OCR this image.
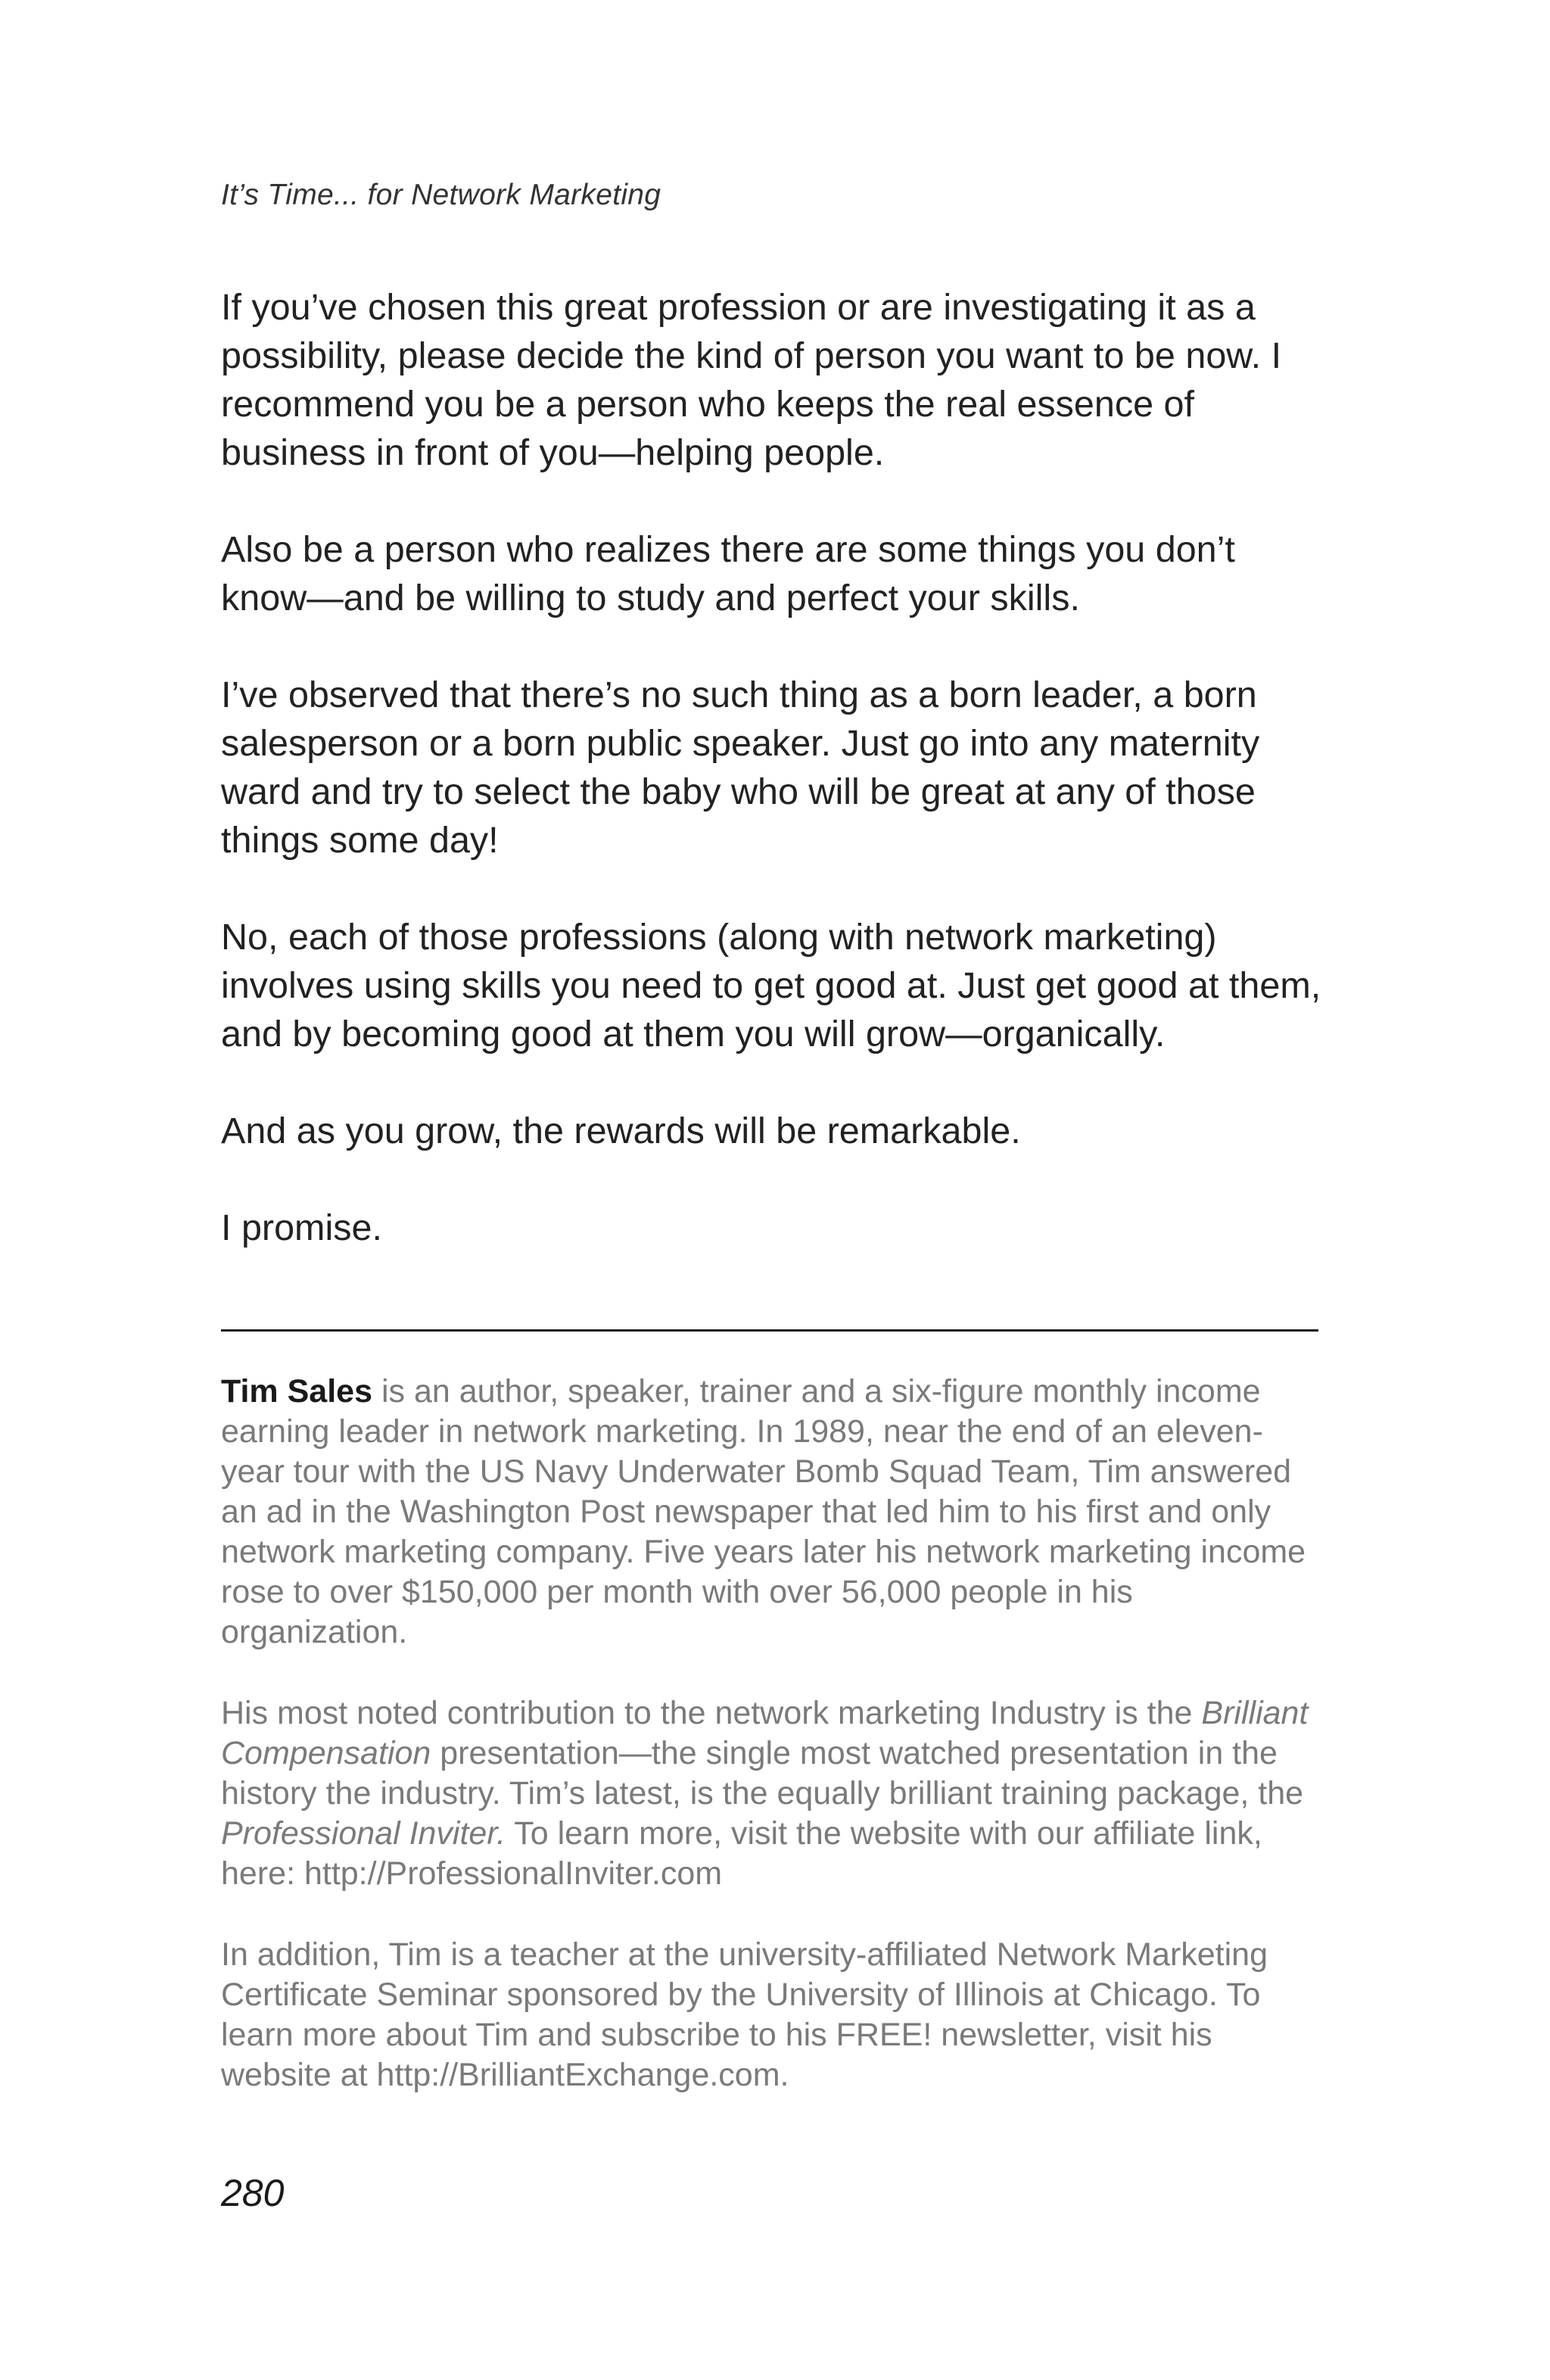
It’s Time... for Network Marketing

If you’ve chosen this great profession or are investigating it as a possibility, please decide the kind of person you want to be now. I recommend you be a person who keeps the real essence of business in front of you—helping people.

Also be a person who realizes there are some things you don’t know—and be willing to study and perfect your skills.

I’ve observed that there’s no such thing as a born leader, a born salesperson or a born public speaker. Just go into any maternity ward and try to select the baby who will be great at any of those things some day!

No, each of those professions (along with network marketing) involves using skills you need to get good at. Just get good at them, and by becoming good at them you will grow—organically.

And as you grow, the rewards will be remarkable.

I promise.

Tim Sales is an author, speaker, trainer and a six-figure monthly income earning leader in network marketing. In 1989, near the end of an eleven-year tour with the US Navy Underwater Bomb Squad Team, Tim answered an ad in the Washington Post newspaper that led him to his first and only network marketing company. Five years later his network marketing income rose to over $150,000 per month with over 56,000 people in his organization.

His most noted contribution to the network marketing Industry is the Brilliant Compensation presentation—the single most watched presentation in the history the industry. Tim’s latest, is the equally brilliant training package, the Professional Inviter. To learn more, visit the website with our affiliate link, here: http://ProfessionalInviter.com

In addition, Tim is a teacher at the university-affiliated Network Marketing Certificate Seminar sponsored by the University of Illinois at Chicago. To learn more about Tim and subscribe to his FREE! newsletter, visit his website at http://BrilliantExchange.com.

280
